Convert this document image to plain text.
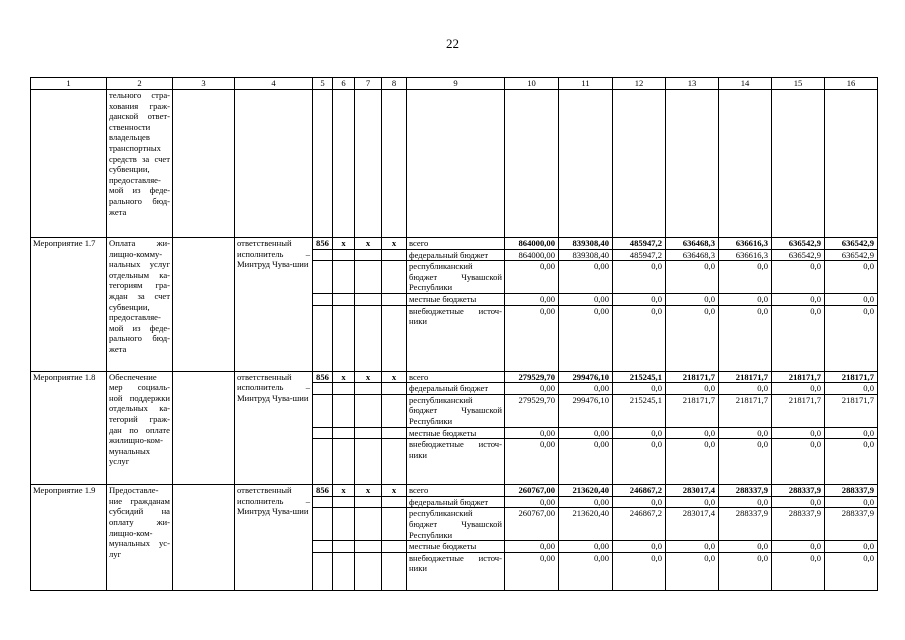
22
1	2	3	4	5	6	7	8	9	10	11	12	13	14	15	16
	тельного стра-хования граж-данской ответ-ственности владельцев транспортных средств за счет субвенции, предоставляе-мой из феде-рального бюд-жета														
Мероприятие 1.7	Оплата жи-лищно-комму-нальных услуг отдельным ка-тегориям гра-ждан за счет субвенции, предоставляе-мой из феде-рального бюд-жета		ответственный исполнитель – Минтруд Чува-шии	856	x	x	x	всего	864000,00	839308,40	485947,2	636468,3	636616,3	636542,9	636542,9
								федеральный бюджет	864000,00	839308,40	485947,2	636468,3	636616,3	636542,9	636542,9
								республиканский бюджет Чувашской Республики	0,00	0,00	0,0	0,0	0,0	0,0	0,0
								местные бюджеты	0,00	0,00	0,0	0,0	0,0	0,0	0,0
								внебюджетные источ-ники	0,00	0,00	0,0	0,0	0,0	0,0	0,0
Мероприятие 1.8	Обеспечение мер социаль-ной поддержки отдельных ка-тегорий граж-дан по оплате жилищно-ком-мунальных услуг		ответственный исполнитель – Минтруд Чува-шии	856	x	x	x	всего	279529,70	299476,10	215245,1	218171,7	218171,7	218171,7	218171,7
								федеральный бюджет	0,00	0,00	0,0	0,0	0,0	0,0	0,0
								республиканский бюджет Чувашской Республики	279529,70	299476,10	215245,1	218171,7	218171,7	218171,7	218171,7
								местные бюджеты	0,00	0,00	0,0	0,0	0,0	0,0	0,0
								внебюджетные источ-ники	0,00	0,00	0,0	0,0	0,0	0,0	0,0
Мероприятие 1.9	Предоставле-ние гражданам субсидий на оплату жи-лищно-ком-мунальных ус-луг		ответственный исполнитель – Минтруд Чува-шии	856	x	x	x	всего	260767,00	213620,40	246867,2	283017,4	288337,9	288337,9	288337,9
								федеральный бюджет	0,00	0,00	0,0	0,0	0,0	0,0	0,0
								республиканский бюджет Чувашской Республики	260767,00	213620,40	246867,2	283017,4	288337,9	288337,9	288337,9
								местные бюджеты	0,00	0,00	0,0	0,0	0,0	0,0	0,0
								внебюджетные источ-ники	0,00	0,00	0,0	0,0	0,0	0,0	0,0
